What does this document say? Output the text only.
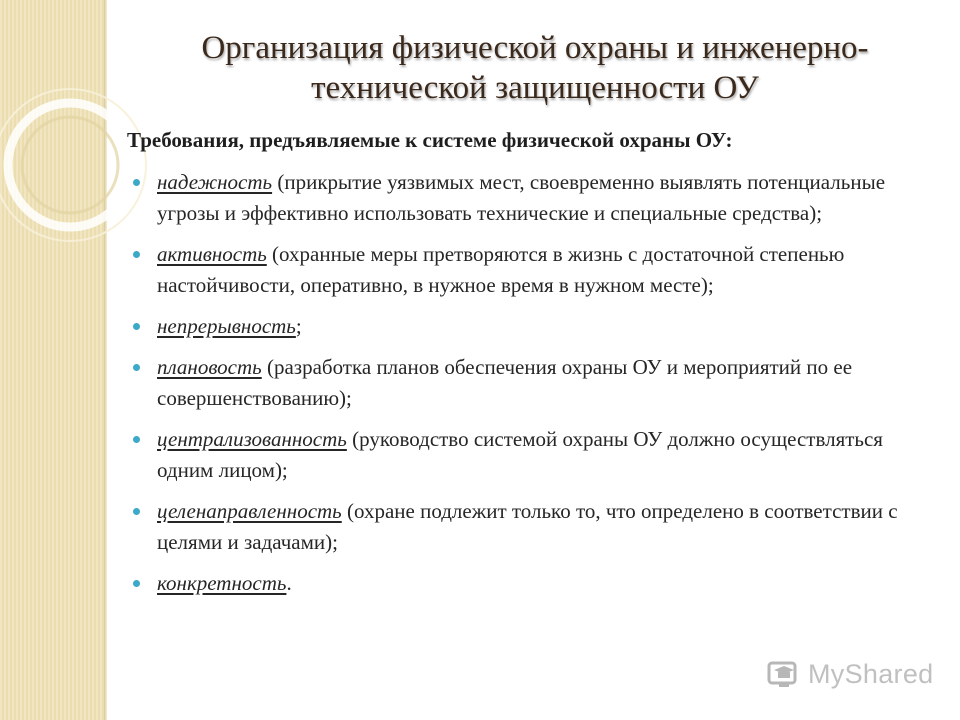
Организация физической охраны и инженерно-
технической защищенности ОУ
Требования, предъявляемые к системе физической охраны ОУ:
надежность (прикрытие уязвимых мест, своевременно выявлять потенциальные угрозы и эффективно использовать технические и специальные средства);
активность (охранные меры претворяются в жизнь с достаточной степенью настойчивости, оперативно, в нужное время в нужном месте);
непрерывность;
плановость (разработка планов обеспечения охраны ОУ и мероприятий по ее совершенствованию);
централизованность (руководство системой охраны ОУ должно осуществляться одним лицом);
целенаправленность (охране подлежит только то, что определено в соответствии с целями и задачами);
конкретность.
MyShared
